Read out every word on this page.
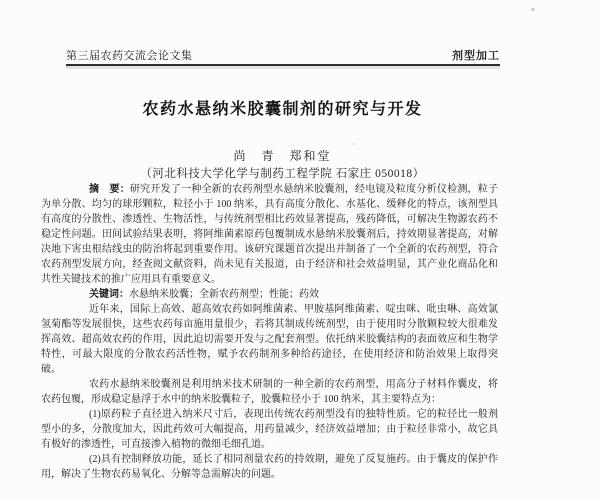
第三届农药交流会论文集	剂型加工
农药水悬纳米胶囊制剂的研究与开发

尚　青　郑和堂

（河北科技大学化学与制药工程学院 石家庄 050018）

摘　要：研究开发了一种全新的农药剂型水悬纳米胶囊剂，经电镜及粒度分析仪检测，粒子为单分散、均匀的球形颗粒，粒径小于 100 纳米，具有高度分散化、水基化、缓释化的特点，该剂型具有高度的分散性、渗透性、生物活性，与传统剂型相比药效显著提高，残药降低，可解决生物源农药不稳定性问题。田间试验结果表明，将阿维菌素原药包覆制成水悬纳米胶囊剂后，持效期显著提高，对解决地下害虫根结线虫的防治将起到重要作用。该研究课题首次提出并制备了一个全新的农药剂型，符合农药剂型发展方向，经查阅文献资料，尚未见有关报道，由于经济和社会效益明显，其产业化商品化和共性关键技术的推广应用具有重要意义。

关键词：水悬纳米胶囊；全新农药剂型；性能；药效

近年来，国际上高效、超高效农药如阿维菌素、甲胺基阿维菌素、啶虫咪、吡虫啉、高效氯氢菊酯等发展很快，这些农药每亩施用量很少，若将其制成传统剂型，由于使用时分散颗粒较大很难发挥高效、超高效农药的作用，因此迫切需要开发与之配套剂型。依托纳米胶囊结构的表面效应和生物学特性，可最大限度的分散农药活性物，赋予农药制剂多种给药途径，在使用经济和防治效果上取得突破。

农药水悬纳米胶囊剂是利用纳米技术研制的一种全新的农药剂型，用高分子材料作囊皮，将农药包覆，形成稳定悬浮于水中的纳米胶囊粒子，胶囊粒径小于 100 纳米，其主要特点为：

(1)原药粒子直径进入纳米尺寸后，表现出传统农药剂型没有的独特性质。它的粒径比一般剂型小的多，分散度加大，因此药效可大幅提高，用药量减少，经济效益增加；由于粒径非常小，故它具有极好的渗透性，可直接渗入植物的微细毛细孔道。

(2)具有控制释放功能，延长了相同剂量农药的持效期，避免了反复施药。由于囊皮的保护作用，解决了生物农药易氧化、分解等急需解决的问题。
